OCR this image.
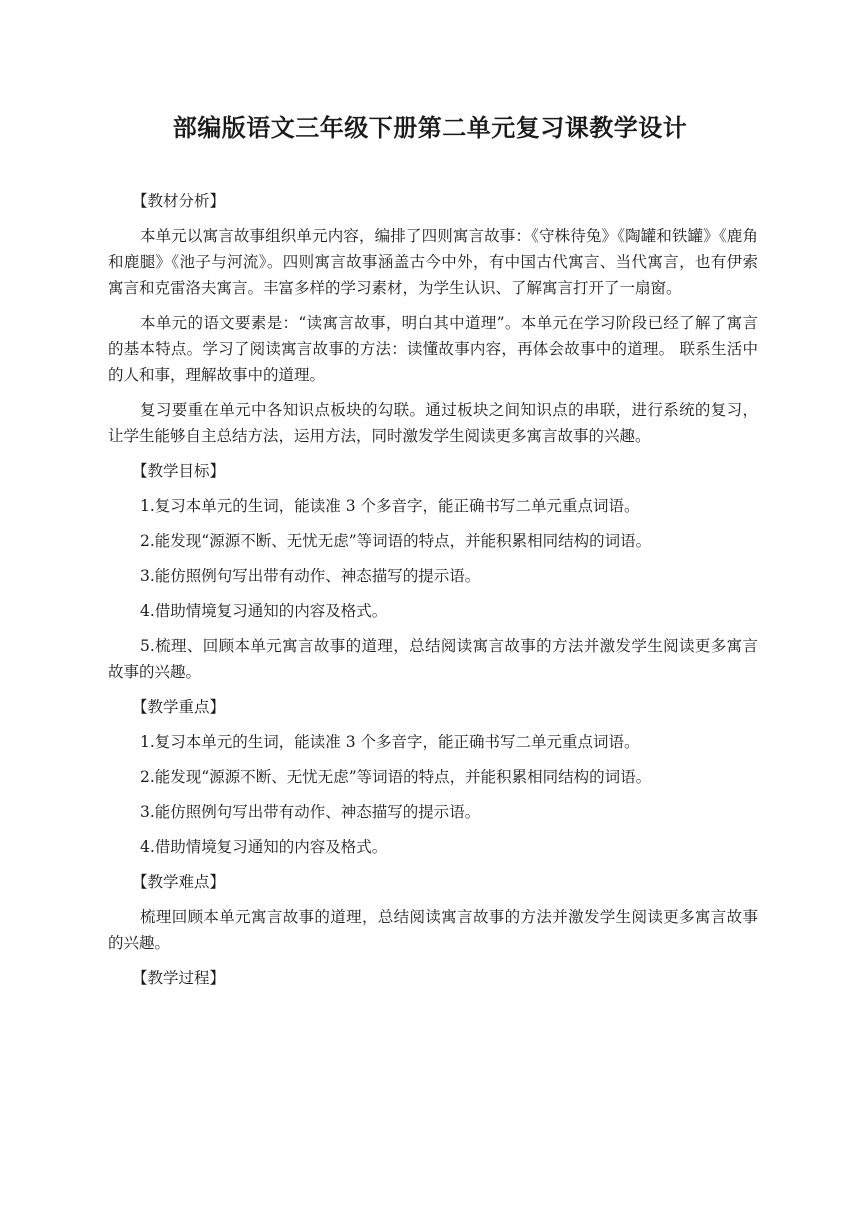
部编版语文三年级下册第二单元复习课教学设计

【教材分析】

本单元以寓言故事组织单元内容，编排了四则寓言故事：《守株待兔》《陶罐和铁罐》《鹿角和鹿腿》《池子与河流》。四则寓言故事涵盖古今中外，有中国古代寓言、当代寓言，也有伊索寓言和克雷洛夫寓言。丰富多样的学习素材，为学生认识、了解寓言打开了一扇窗。

本单元的语文要素是：“读寓言故事，明白其中道理”。本单元在学习阶段已经了解了寓言的基本特点。学习了阅读寓言故事的方法：读懂故事内容，再体会故事中的道理。 联系生活中的人和事，理解故事中的道理。

复习要重在单元中各知识点板块的勾联。通过板块之间知识点的串联，进行系统的复习，让学生能够自主总结方法，运用方法，同时激发学生阅读更多寓言故事的兴趣。

【教学目标】

1.复习本单元的生词，能读准 3 个多音字，能正确书写二单元重点词语。

2.能发现“源源不断、无忧无虑”等词语的特点，并能积累相同结构的词语。

3.能仿照例句写出带有动作、神态描写的提示语。

4.借助情境复习通知的内容及格式。

5.梳理、回顾本单元寓言故事的道理，总结阅读寓言故事的方法并激发学生阅读更多寓言故事的兴趣。

【教学重点】

1.复习本单元的生词，能读准 3 个多音字，能正确书写二单元重点词语。

2.能发现“源源不断、无忧无虑”等词语的特点，并能积累相同结构的词语。

3.能仿照例句写出带有动作、神态描写的提示语。

4.借助情境复习通知的内容及格式。

【教学难点】

梳理回顾本单元寓言故事的道理，总结阅读寓言故事的方法并激发学生阅读更多寓言故事的兴趣。

【教学过程】
